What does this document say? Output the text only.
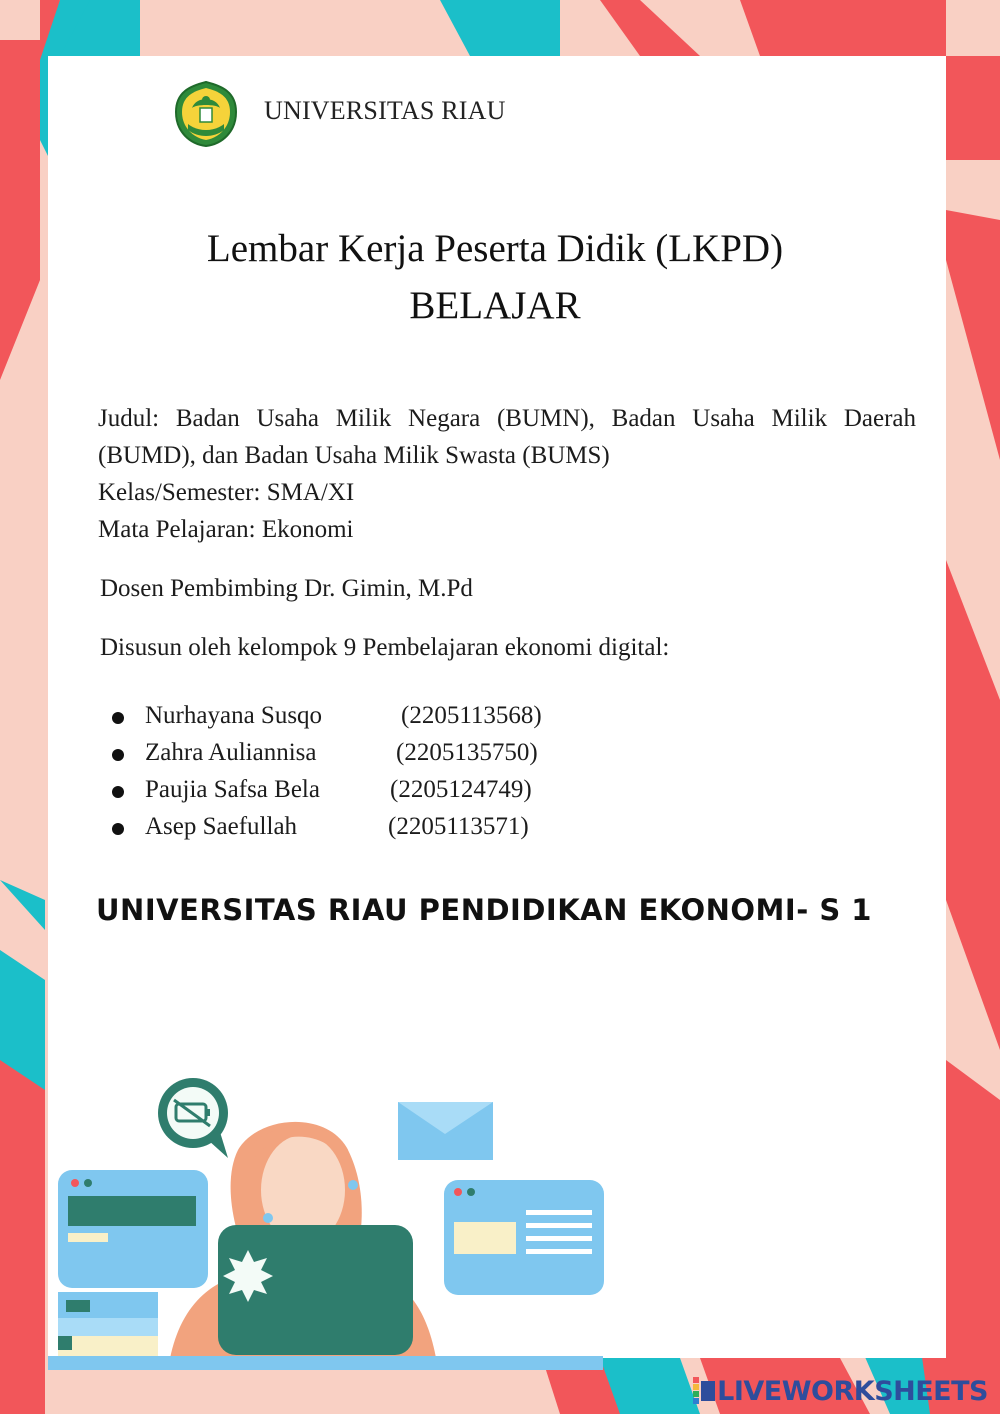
UNIVERSITAS RIAU
Lembar Kerja Peserta Didik (LKPD)
BELAJAR
Judul: Badan Usaha Milik Negara (BUMN), Badan Usaha Milik Daerah (BUMD), dan Badan Usaha Milik Swasta (BUMS)
Kelas/Semester: SMA/XI
Mata Pelajaran: Ekonomi
Dosen Pembimbing Dr. Gimin, M.Pd
Disusun oleh kelompok 9 Pembelajaran ekonomi digital:
Nurhayana Susqo	(2205113568)
Zahra Auliannisa	(2205135750)
Paujia Safsa Bela	(2205124749)
Asep Saefullah	(2205113571)
UNIVERSITAS RIAU PENDIDIKAN EKONOMI- S 1
LIVEWORKSHEETS
